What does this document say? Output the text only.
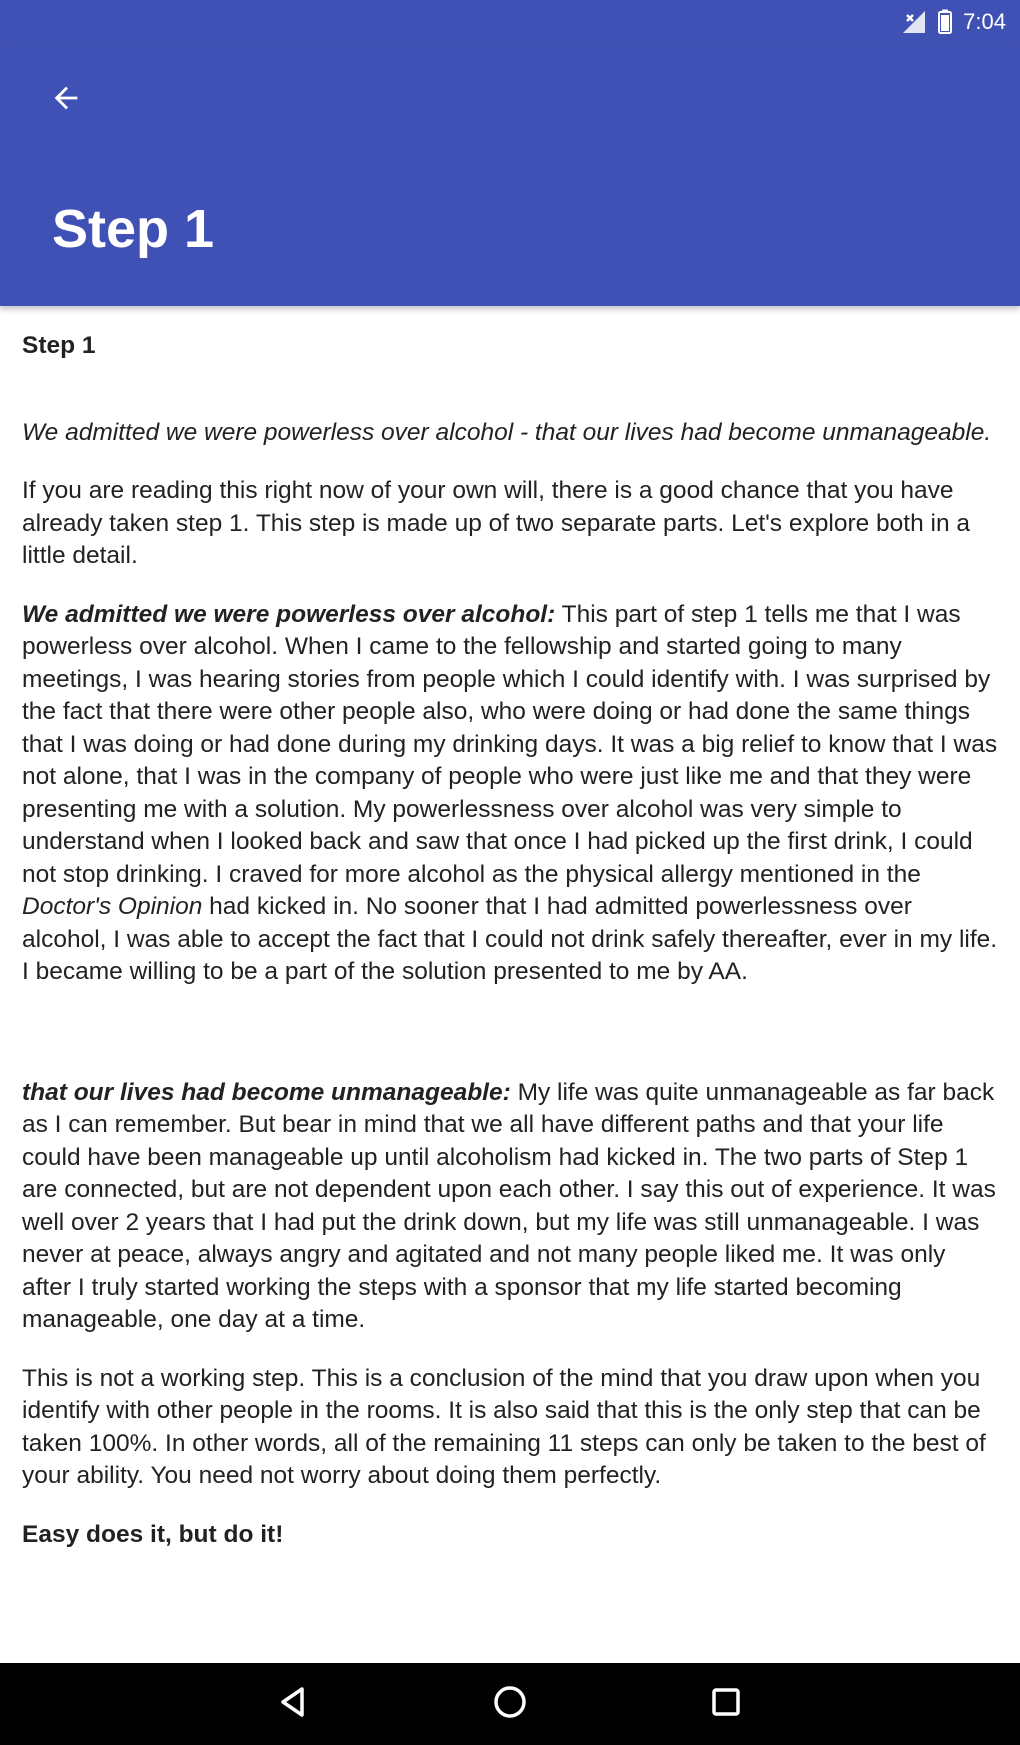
7:04
Step 1

Step 1

We admitted we were powerless over alcohol - that our lives had become unmanageable.

If you are reading this right now of your own will, there is a good chance that you have already taken step 1. This step is made up of two separate parts. Let's explore both in a little detail.

We admitted we were powerless over alcohol: This part of step 1 tells me that I was powerless over alcohol. When I came to the fellowship and started going to many meetings, I was hearing stories from people which I could identify with. I was surprised by the fact that there were other people also, who were doing or had done the same things that I was doing or had done during my drinking days. It was a big relief to know that I was not alone, that I was in the company of people who were just like me and that they were presenting me with a solution. My powerlessness over alcohol was very simple to understand when I looked back and saw that once I had picked up the first drink, I could not stop drinking. I craved for more alcohol as the physical allergy mentioned in the Doctor's Opinion had kicked in. No sooner that I had admitted powerlessness over alcohol, I was able to accept the fact that I could not drink safely thereafter, ever in my life. I became willing to be a part of the solution presented to me by AA.

that our lives had become unmanageable: My life was quite unmanageable as far back as I can remember. But bear in mind that we all have different paths and that your life could have been manageable up until alcoholism had kicked in. The two parts of Step 1 are connected, but are not dependent upon each other. I say this out of experience. It was well over 2 years that I had put the drink down, but my life was still unmanageable. I was never at peace, always angry and agitated and not many people liked me. It was only after I truly started working the steps with a sponsor that my life started becoming manageable, one day at a time.

This is not a working step. This is a conclusion of the mind that you draw upon when you identify with other people in the rooms. It is also said that this is the only step that can be taken 100%. In other words, all of the remaining 11 steps can only be taken to the best of your ability. You need not worry about doing them perfectly.

Easy does it, but do it!
